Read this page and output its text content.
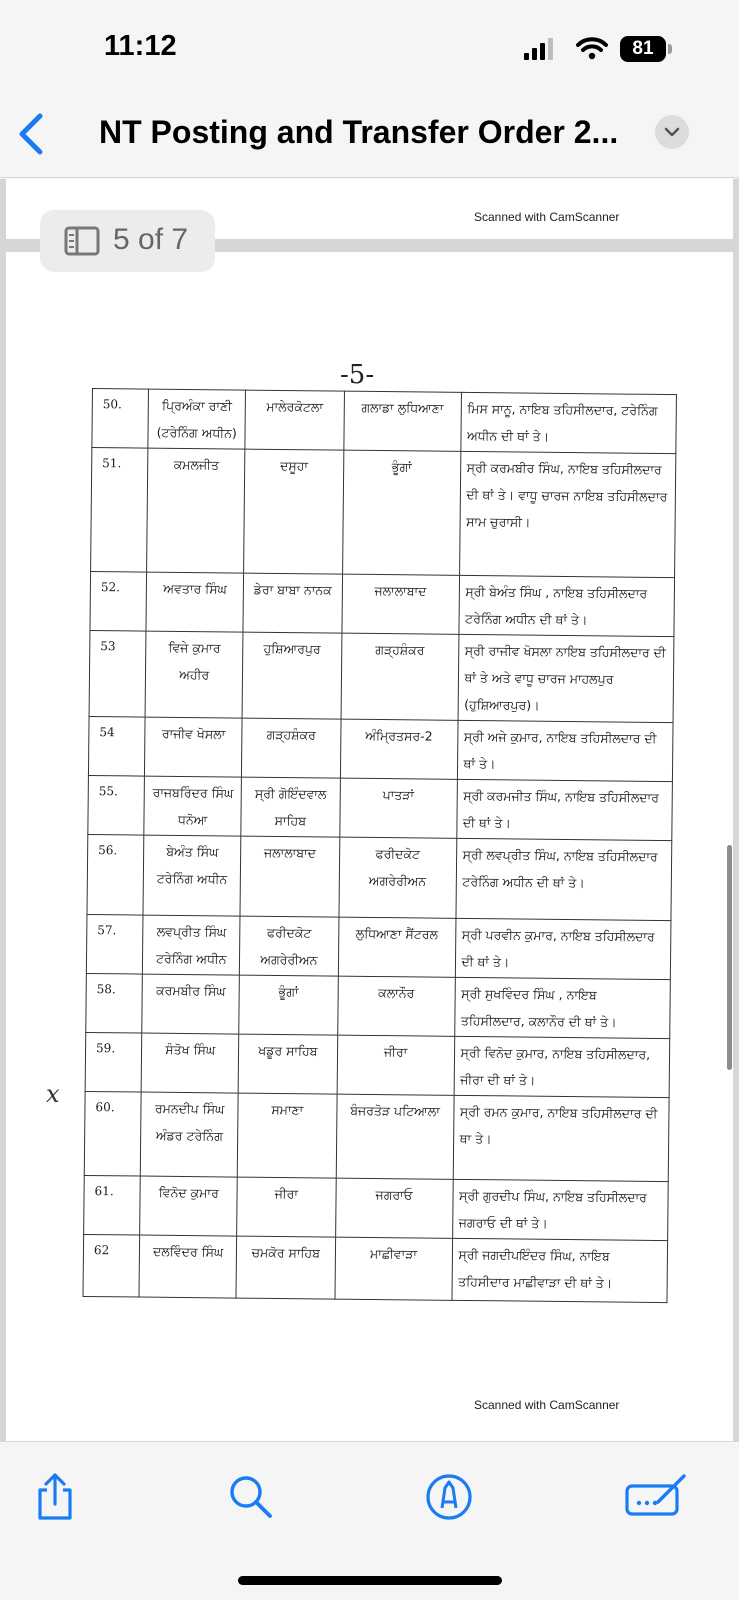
11:12	81
NT Posting and Transfer Order 2...
Scanned with CamScanner
Scanned with CamScanner
5 of 7
-5-
x
50.	ਪ੍ਰਿਅੰਕਾ ਰਾਣੀ (ਟਰੇਨਿੰਗ ਅਧੀਨ)	ਮਾਲੇਰਕੋਟਲਾ	ਗਲਾਡਾ ਲੁਧਿਆਣਾ	ਮਿਸ ਸਾਨੂ, ਨਾਇਬ ਤਹਿਸੀਲਦਾਰ, ਟਰੇਨਿੰਗ ਅਧੀਨ ਦੀ ਥਾਂ ਤੇ।
51.	ਕਮਲਜੀਤ	ਦਸੂਹਾ	ਭੂੰਗਾਂ	ਸ੍ਰੀ ਕਰਮਬੀਰ ਸਿੰਘ, ਨਾਇਬ ਤਹਿਸੀਲਦਾਰ ਦੀ ਥਾਂ ਤੇ। ਵਾਧੂ ਚਾਰਜ ਨਾਇਬ ਤਹਿਸੀਲਦਾਰ ਸਾਮ ਚੁਰਾਸੀ।
52.	ਅਵਤਾਰ ਸਿੰਘ	ਡੇਰਾ ਬਾਬਾ ਨਾਨਕ	ਜਲਾਲਾਬਾਦ	ਸ੍ਰੀ ਬੇਅੰਤ ਸਿੰਘ , ਨਾਇਬ ਤਹਿਸੀਲਦਾਰ ਟਰੇਨਿੰਗ ਅਧੀਨ ਦੀ ਥਾਂ ਤੇ।
53	ਵਿਜੇ ਕੁਮਾਰ ਅਹੀਰ	ਹੁਸ਼ਿਆਰਪੁਰ	ਗੜ੍ਹਸ਼ੰਕਰ	ਸ੍ਰੀ ਰਾਜੀਵ ਖੋਸਲਾ ਨਾਇਬ ਤਹਿਸੀਲਦਾਰ ਦੀ ਥਾਂ ਤੇ ਅਤੇ ਵਾਧੂ ਚਾਰਜ ਮਾਹਲਪੁਰ (ਹੁਸ਼ਿਆਰਪੁਰ)।
54	ਰਾਜੀਵ ਖੋਸਲਾ	ਗੜ੍ਹਸ਼ੰਕਰ	ਅੰਮ੍ਰਿਤਸਰ-2	ਸ੍ਰੀ ਅਜੇ ਕੁਮਾਰ, ਨਾਇਬ ਤਹਿਸੀਲਦਾਰ ਦੀ ਥਾਂ ਤੇ।
55.	ਰਾਜਬਰਿੰਦਰ ਸਿੰਘ ਧਨੋਆ	ਸ੍ਰੀ ਗੋਇੰਦਵਾਲ ਸਾਹਿਬ	ਪਾਤੜਾਂ	ਸ੍ਰੀ ਕਰਮਜੀਤ ਸਿੰਘ, ਨਾਇਬ ਤਹਿਸੀਲਦਾਰ ਦੀ ਥਾਂ ਤੇ।
56.	ਬੇਅੰਤ ਸਿੰਘ ਟਰੇਨਿੰਗ ਅਧੀਨ	ਜਲਾਲਾਬਾਦ	ਫਰੀਦਕੋਟ ਅਗਰੇਰੀਅਨ	ਸ੍ਰੀ ਲਵਪ੍ਰੀਤ ਸਿੰਘ, ਨਾਇਬ ਤਹਿਸੀਲਦਾਰ ਟਰੇਨਿੰਗ ਅਧੀਨ ਦੀ ਥਾਂ ਤੇ।
57.	ਲਵਪ੍ਰੀਤ ਸਿੰਘ ਟਰੇਨਿੰਗ ਅਧੀਨ	ਫਰੀਦਕੋਟ ਅਗਰੇਰੀਅਨ	ਲੁਧਿਆਣਾ ਸੈਂਟਰਲ	ਸ੍ਰੀ ਪਰਵੀਨ ਕੁਮਾਰ, ਨਾਇਬ ਤਹਿਸੀਲਦਾਰ ਦੀ ਥਾਂ ਤੇ।
58.	ਕਰਮਬੀਰ ਸਿੰਘ	ਭੂੰਗਾਂ	ਕਲਾਨੌਰ	ਸ੍ਰੀ ਸੁਖਵਿੰਦਰ ਸਿੰਘ , ਨਾਇਬ ਤਹਿਸੀਲਦਾਰ, ਕਲਾਨੌਰ ਦੀ ਥਾਂ ਤੇ।
59.	ਸੰਤੋਖ ਸਿੰਘ	ਖਡੂਰ ਸਾਹਿਬ	ਜੀਰਾ	ਸ੍ਰੀ ਵਿਨੋਦ ਕੁਮਾਰ, ਨਾਇਬ ਤਹਿਸੀਲਦਾਰ, ਜੀਰਾ ਦੀ ਥਾਂ ਤੇ।
60.	ਰਮਨਦੀਪ ਸਿੰਘ ਅੰਡਰ ਟਰੇਨਿੰਗ	ਸਮਾਣਾ	ਬੰਜਰਤੋੜ ਪਟਿਆਲਾ	ਸ੍ਰੀ ਰਮਨ ਕੁਮਾਰ, ਨਾਇਬ ਤਹਿਸੀਲਦਾਰ ਦੀ ਥਾ ਤੇ।
61.	ਵਿਨੋਦ ਕੁਮਾਰ	ਜੀਰਾ	ਜਗਰਾਓ	ਸ੍ਰੀ ਗੁਰਦੀਪ ਸਿੰਘ, ਨਾਇਬ ਤਹਿਸੀਲਦਾਰ ਜਗਰਾਓ ਦੀ ਥਾਂ ਤੇ।
62	ਦਲਵਿੰਦਰ ਸਿੰਘ	ਚਮਕੋਰ ਸਾਹਿਬ	ਮਾਛੀਵਾੜਾ	ਸ੍ਰੀ ਜਗਦੀਪਇੰਦਰ ਸਿੰਘ, ਨਾਇਬ ਤਹਿਸੀਦਾਰ ਮਾਛੀਵਾੜਾ ਦੀ ਥਾਂ ਤੇ।
